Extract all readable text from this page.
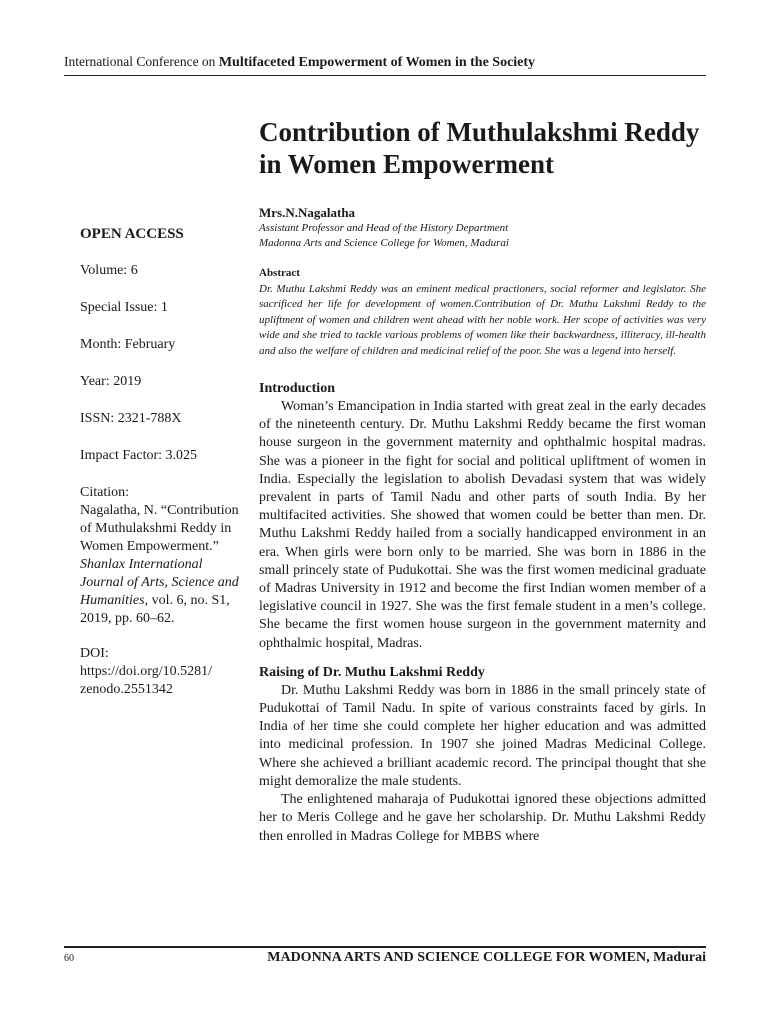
International Conference on Multifaceted Empowerment of Women in the Society
OPEN ACCESS
Volume: 6
Special Issue: 1
Month: February
Year: 2019
ISSN: 2321-788X
Impact Factor: 3.025
Citation:
Nagalatha, N. “Contribution of Muthulakshmi Reddy in Women Empowerment.” Shanlax International Journal of Arts, Science and Humanities, vol. 6, no. S1, 2019, pp. 60–62.
DOI:
https://doi.org/10.5281/ zenodo.2551342
Contribution of Muthulakshmi Reddy in Women Empowerment
Mrs.N.Nagalatha
Assistant Professor and Head of the History Department
Madonna Arts and Science College for Women, Madurai
Abstract
Dr. Muthu Lakshmi Reddy was an eminent medical practioners, social reformer and legislator. She sacrificed her life for development of women.Contribution of Dr. Muthu Lakshmi Reddy to the upliftment of women and children went ahead with her noble work. Her scope of activities was very wide and she tried to tackle various problems of women like their backwardness, illiteracy, ill-health and also the welfare of children and medicinal relief of the poor. She was a legend into herself.
Introduction

Woman’s Emancipation in India started with great zeal in the early decades of the nineteenth century. Dr. Muthu Lakshmi Reddy became the first woman house surgeon in the government maternity and ophthalmic hospital madras. She was a pioneer in the fight for social and political upliftment of women in India. Especially the legislation to abolish Devadasi system that was widely prevalent in parts of Tamil Nadu and other parts of south India. By her multifacited activities. She showed that women could be better than men. Dr. Muthu Lakshmi Reddy hailed from a socially handicapped environment in an era. When girls were born only to be married. She was born in 1886 in the small princely state of Pudukottai. She was the first women medicinal graduate of Madras University in 1912 and become the first Indian women member of a legislative council in 1927. She was the first female student in a men’s college. She became the first women house surgeon in the government maternity and ophthalmic hospital, Madras.

Raising of Dr. Muthu Lakshmi Reddy

Dr. Muthu Lakshmi Reddy was born in 1886 in the small princely state of Pudukottai of Tamil Nadu. In spite of various constraints faced by girls. In India of her time she could complete her higher education and was admitted into medicinal profession. In 1907 she joined Madras Medicinal College. Where she achieved a brilliant academic record. The principal thought that she might demoralize the male students.

The enlightened maharaja of Pudukottai ignored these objections admitted her to Meris College and he gave her scholarship. Dr. Muthu Lakshmi Reddy then enrolled in Madras College for MBBS where

60	MADONNA ARTS AND SCIENCE COLLEGE FOR WOMEN, Madurai
